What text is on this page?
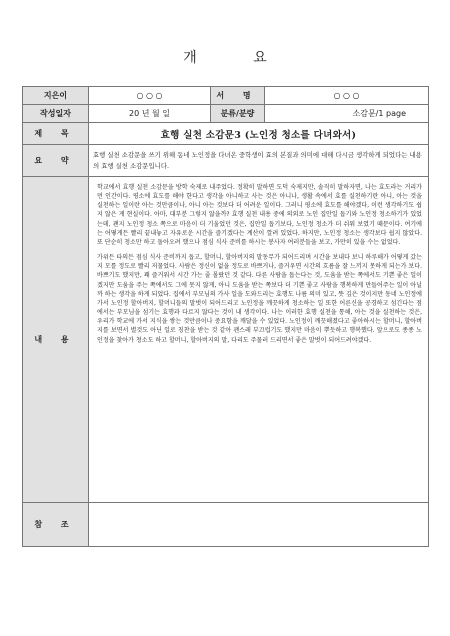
개 요
지은이	○ ○ ○	서 명	○ ○ ○
작성일자	20 년 월 일	분류/분량	소감문/1 page
제 목	효행 실천 소감문3 (노인정 청소를 다녀와서)		
요 약	효행 실천 소감문을 쓰기 위해 동네 노인정을 다녀온 중학생이 효의 본질과 의미에 대해 다시금 생각하게 되었다는 내용의 효행 실천 소감문입니다.		
내 용	학교에서 효행 실천 소감문을 방학 숙제로 내주었다. 정확히 말하면 도덕 숙제지만, 솔직히 말하자면, 나는 효도라는 거리가 먼 인간이다. 평소에 효도를 해야 한다고 생각을 아니하고 사는 것은 아니나, 생활 속에서 효를 실천하기란 아니, 아는 것을 실천하는 일이란 아는 것만큼이나, 아니 아는 것보다 더 어려운 일이다. 그러니 평소에 효도를 해야겠다, 이런 생각하기도 쉽지 않은 게 현실이다. 아마, 대부분 그렇지 않을까? 효행 실천 내용 중에 의외로 노인 집안일 돕기와 노인정 청소하기가 있었는데, 괜지 노인정 청소 쪽으로 마음이 더 기울었던 것은, 집안일 돕기보다, 노인정 청소가 더 쉬워 보였기 때문이다. 여기에는 어떻게든 빨리 끝내놓고 자유로운 시간을 즐기겠다는 계산이 깔려 있었다. 하지만, 노인정 청소는 생각보다 쉽지 않았다. 또 단순히 청소만 하고 돌아오려 했으나 점심 식사 준비를 하시는 봉사자 여러분들을 보고, 가만히 있을 수는 없었다.

가위든 타의든 점심 식사 준비까지 돕고, 할머니, 할아버지의 말동무가 되어드리며 시간을 보내다 보니 하루해가 어떻게 갔는지 모를 정도로 빨리 저물었다. 사람은 정신이 없을 정도로 바쁘거나, 즐거우면 시간의 흐름을 잘 느끼지 못하게 되는가 보다. 바쁘기도 했지만, 꽤 즐거워서 시간 가는 줄 몰랐던 것 같다. 다른 사람을 돕는다는 것, 도움을 받는 쪽에서도 기쁜 좋은 일이겠지만 도움을 주는 쪽에서도 그에 못지 않게, 아니 도움을 받는 쪽보다 더 기쁜 좋고 사람을 행복하게 만들어주는 일이 아닐까 하는 생각을 하게 되었다. 집에서 부모님의 가사 일을 도와드리는 효행도 나름 의미 있고, 뜻 깊은 것이지만 동네 노인정에 가서 노인정 할아버지, 할머니들의 말벗이 되어드리고 노인정을 깨끗하게 청소하는 일 또한 어른신을 공경하고 섬긴다는 점에서는 부모님을 섬기는 효행과 다르지 않다는 것이 내 생각이다. 나는 이러한 효행 실천을 통해, 아는 것을 실천하는 것은, 우리가 학교에 가서 지식을 쌓는 것만큼이나 중요함을 깨달을 수 있었다. 노인정이 깨끗해졌다고 좋아하시는 할머니, 할아버지를 보면서 별것도 아닌 일로 칭찬을 받는 것 같아 괜스레 부끄럽기도 했지만 마음이 뿌듯하고 행복했다. 앞으로도 종종 노인정을 찾아가 청소도 하고 할머니, 할아버지의 말, 다리도 주물러 드리면서 좋은 말벗이 되어드려야겠다.		

참 조			
